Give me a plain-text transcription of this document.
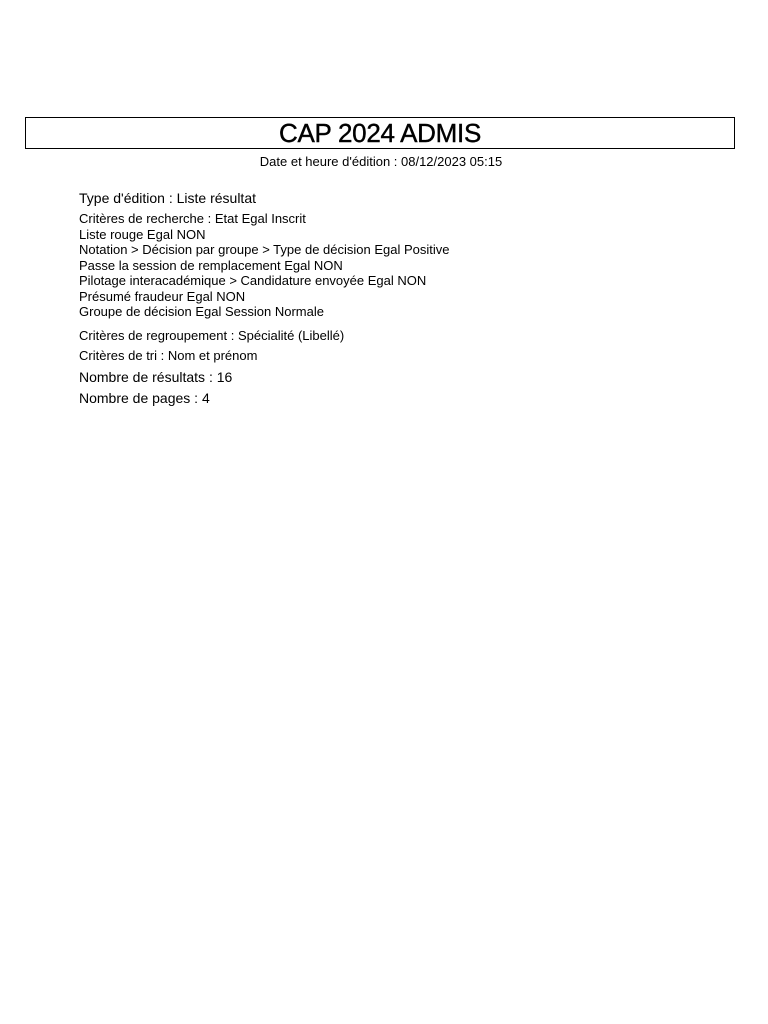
CAP 2024 ADMIS
Date et heure d'édition : 08/12/2023 05:15

Type d'édition : Liste résultat

Critères de recherche : Etat Egal Inscrit

Liste rouge Egal NON

Notation > Décision par groupe > Type de décision Egal Positive

Passe la session de remplacement Egal NON

Pilotage interacadémique > Candidature envoyée Egal NON

Présumé fraudeur Egal NON

Groupe de décision Egal Session Normale

Critères de regroupement : Spécialité (Libellé)

Critères de tri : Nom et prénom

Nombre de résultats : 16

Nombre de pages : 4
